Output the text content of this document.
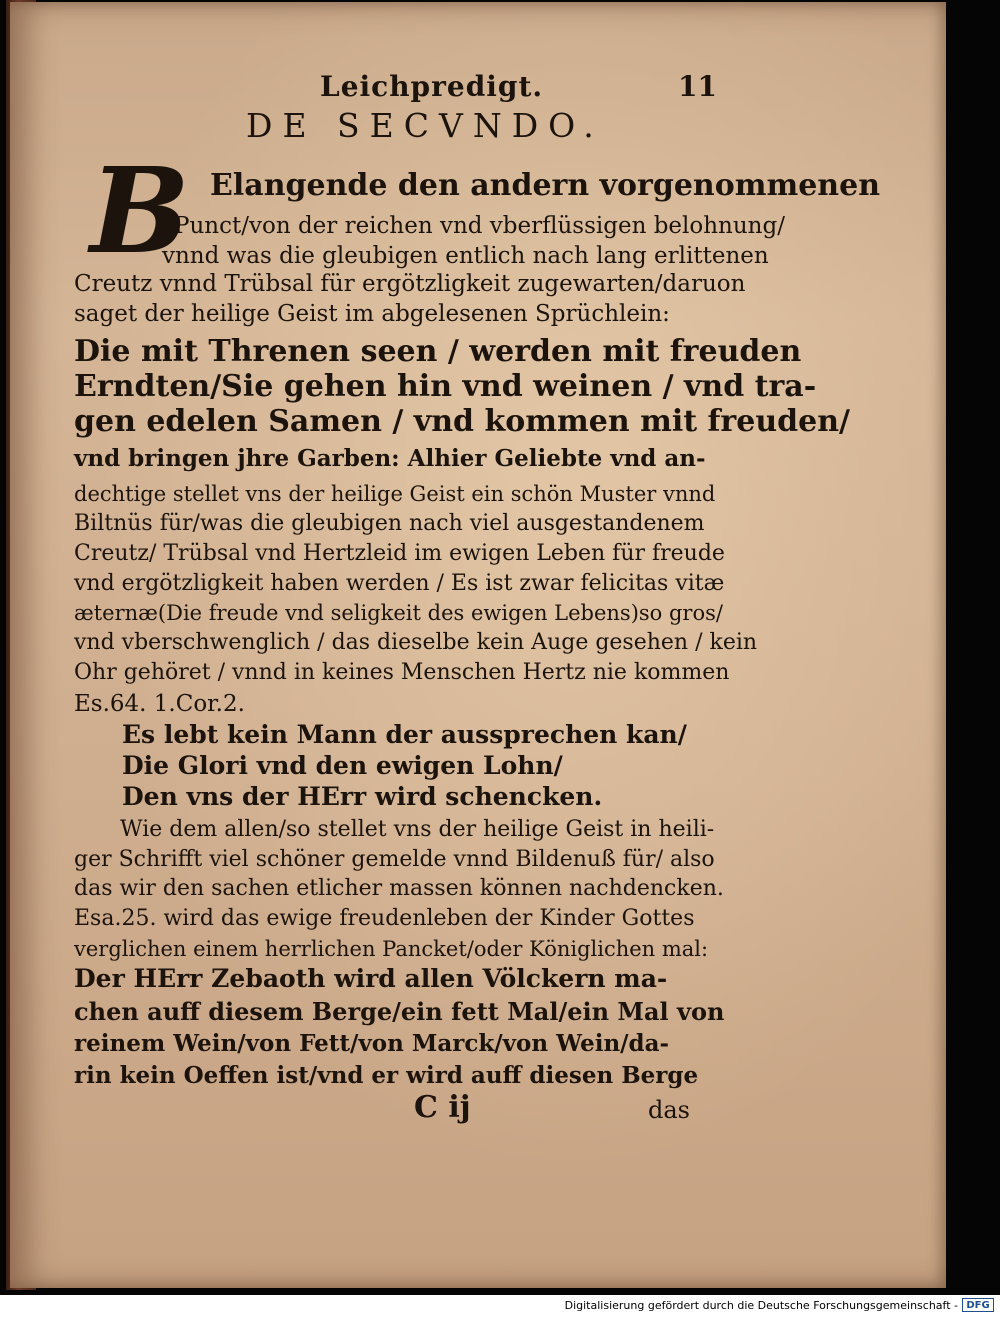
Leichpredigt.	11
DE SECVNDO.
B Elangende den andern vorgenommenen
Punct/von der reichen vnd vberflüssigen belohnung/
vnnd was die gleubigen entlich nach lang erlittenen
Creutz vnnd Trübsal für ergötzligkeit zugewarten/daruon
saget der heilige Geist im abgelesenen Sprüchlein:
Die mit Threnen seen / werden mit freuden
Erndten/Sie gehen hin vnd weinen / vnd tra-
gen edelen Samen / vnd kommen mit freuden/
vnd bringen jhre Garben: Alhier Geliebte vnd an-
dechtige stellet vns der heilige Geist ein schön Muster vnnd
Biltnüs für/was die gleubigen nach viel ausgestandenem
Creutz/ Trübsal vnd Hertzleid im ewigen Leben für freude
vnd ergötzligkeit haben werden / Es ist zwar felicitas vitæ
æternæ(Die freude vnd seligkeit des ewigen Lebens)so gros/
vnd vberschwenglich / das dieselbe kein Auge gesehen / kein
Ohr gehöret / vnnd in keines Menschen Hertz nie kommen
Es.64. 1.Cor.2.
Es lebt kein Mann der aussprechen kan/
Die Glori vnd den ewigen Lohn/
Den vns der HErr wird schencken.
Wie dem allen/so stellet vns der heilige Geist in heili-
ger Schrifft viel schöner gemelde vnnd Bildenuß für/ also
das wir den sachen etlicher massen können nachdencken.
Esa.25. wird das ewige freudenleben der Kinder Gottes
verglichen einem herrlichen Pancket/oder Königlichen mal:
Der HErr Zebaoth wird allen Völckern ma-
chen auff diesem Berge/ein fett Mal/ein Mal von
reinem Wein/von Fett/von Marck/von Wein/da-
rin kein Oeffen ist/vnd er wird auff diesen Berge
C ij	das
Digitalisierung gefördert durch die Deutsche Forschungsgemeinschaft - DFG
